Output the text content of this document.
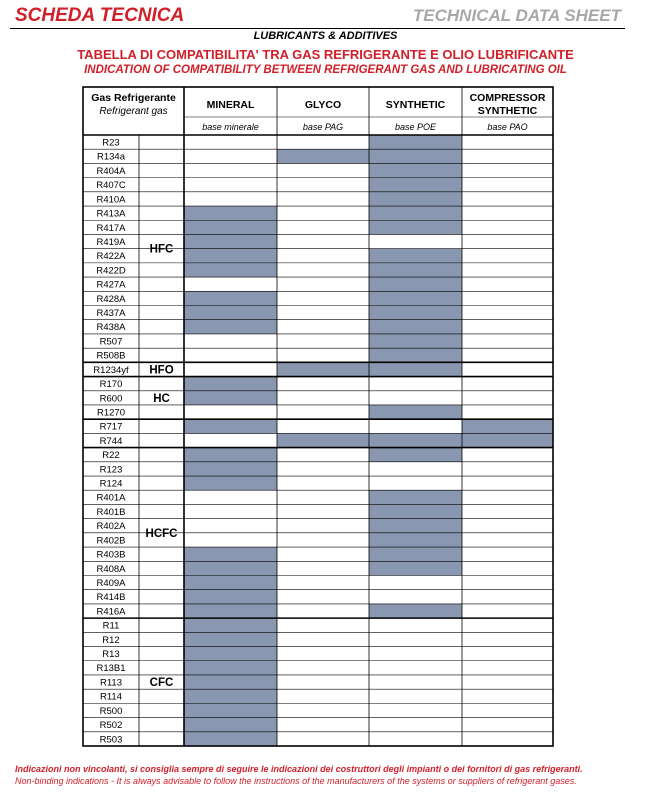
SCHEDA TECNICA	TECHNICAL DATA SHEET
LUBRICANTS & ADDITIVES
TABELLA DI COMPATIBILITA' TRA GAS REFRIGERANTE E OLIO LUBRIFICANTE
INDICATION OF COMPATIBILITY BETWEEN REFRIGERANT GAS AND LUBRICATING OIL
Gas Refrigerante
Refrigerant gas
MINERAL
base minerale
GLYCO
base PAG
SYNTHETIC
base POE
COMPRESSOR
SYNTHETIC
base PAO
R23
R134a
R404A
R407C
R410A
R413A
R417A
R419A
R422A
R422D
R427A
R428A
R437A
R438A
R507
R508B
R1234yf
R170
R600
R1270
R717
R744
R22
R123
R124
R401A
R401B
R402A
R402B
R403B
R408A
R409A
R414B
R416A
R11
R12
R13
R13B1
R113
R114
R500
R502
R503
HFC
HFO
HC
HCFC
CFC
Indicazioni non vincolanti, si consiglia sempre di seguire le indicazioni dei costruttori degli impianti o dei fornitori di gas refrigeranti.
Non-binding indications - It is always advisable to follow the instructions of the manufacturers of the systems or suppliers of refrigerant gases.
